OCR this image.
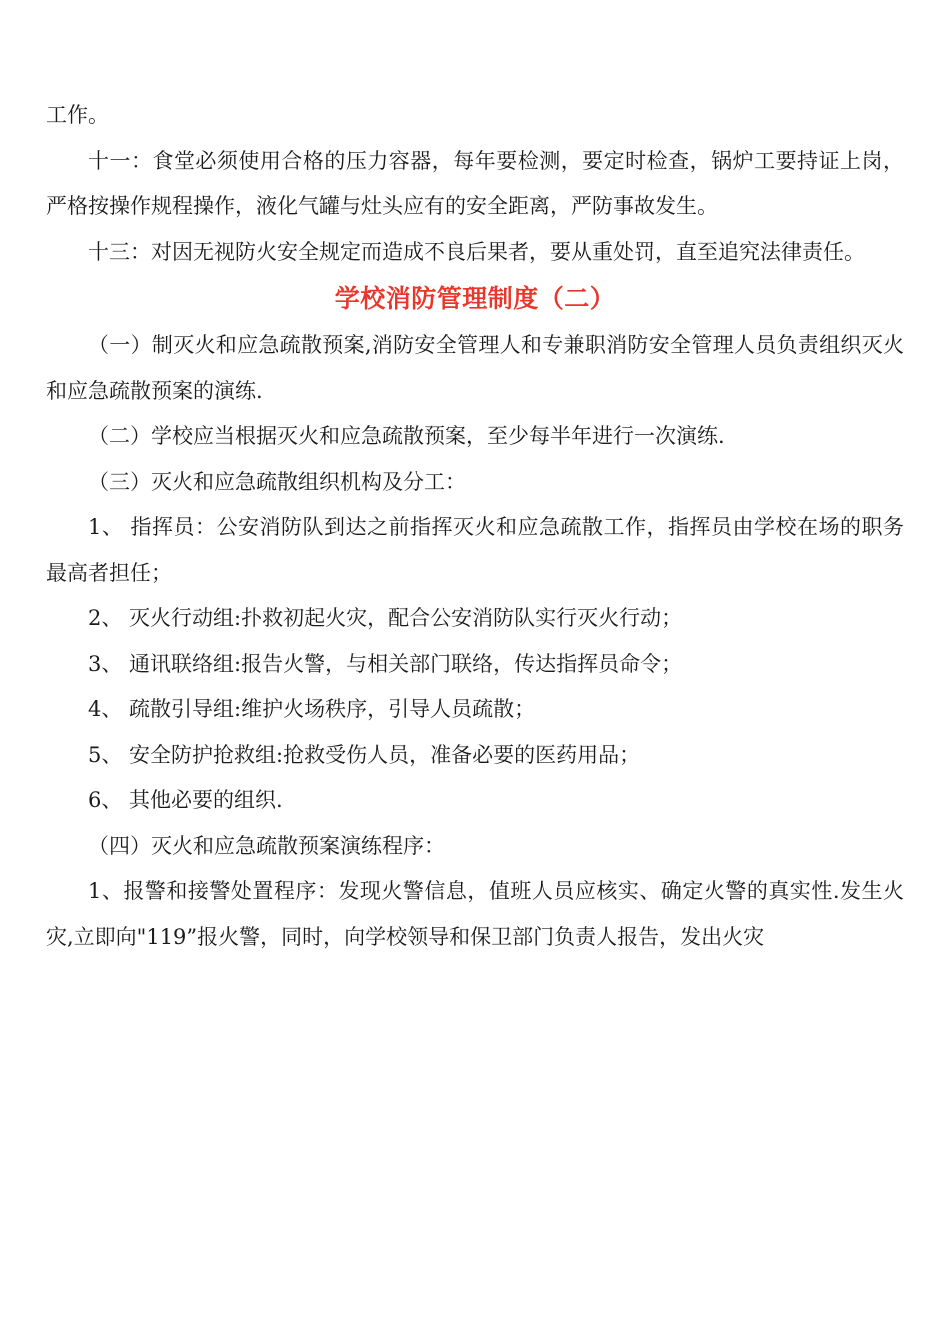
工作。

十一：食堂必须使用合格的压力容器，每年要检测，要定时检查，锅炉工要持证上岗，严格按操作规程操作，液化气罐与灶头应有的安全距离，严防事故发生。

十三：对因无视防火安全规定而造成不良后果者，要从重处罚，直至追究法律责任。

学校消防管理制度（二）

（一）制灭火和应急疏散预案,消防安全管理人和专兼职消防安全管理人员负责组织灭火和应急疏散预案的演练.

（二）学校应当根据灭火和应急疏散预案，至少每半年进行一次演练.

（三）灭火和应急疏散组织机构及分工：

1、 指挥员：公安消防队到达之前指挥灭火和应急疏散工作，指挥员由学校在场的职务最高者担任；

2、 灭火行动组:扑救初起火灾，配合公安消防队实行灭火行动；

3、 通讯联络组:报告火警，与相关部门联络，传达指挥员命令；

4、 疏散引导组:维护火场秩序，引导人员疏散；

5、 安全防护抢救组:抢救受伤人员，准备必要的医药用品；

6、 其他必要的组织.

（四）灭火和应急疏散预案演练程序：

1、报警和接警处置程序：发现火警信息，值班人员应核实、确定火警的真实性.发生火灾,立即向"119”报火警，同时，向学校领导和保卫部门负责人报告，发出火灾
